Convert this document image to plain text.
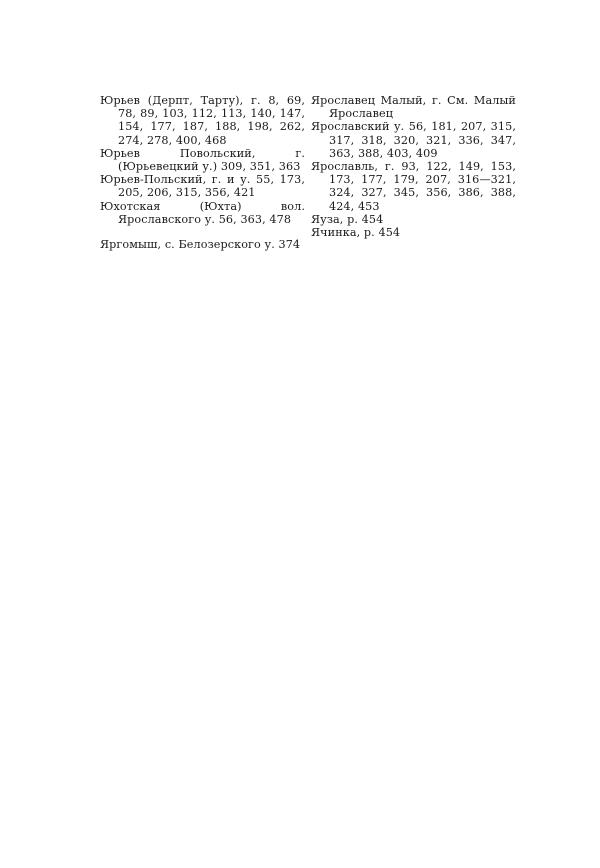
Юрьев (Дерпт, Тарту), г. 8, 69, 78, 89, 103, 112, 113, 140, 147, 154, 177, 187, 188, 198, 262, 274, 278, 400, 468

Юрьев Повольский, г. (Юрьевецкий у.) 309, 351, 363

Юрьев-Польский, г. и у. 55, 173, 205, 206, 315, 356, 421

Юхотская (Юхта) вол. Ярославского у. 56, 363, 478

Яргомыш, с. Белозерского у. 374

Ярославец Малый, г. См. Малый Ярославец

Ярославский у. 56, 181, 207, 315, 317, 318, 320, 321, 336, 347, 363, 388, 403, 409

Ярославль, г. 93, 122, 149, 153, 173, 177, 179, 207, 316—321, 324, 327, 345, 356, 386, 388, 424, 453

Яуза, р. 454

Ячинка, р. 454
